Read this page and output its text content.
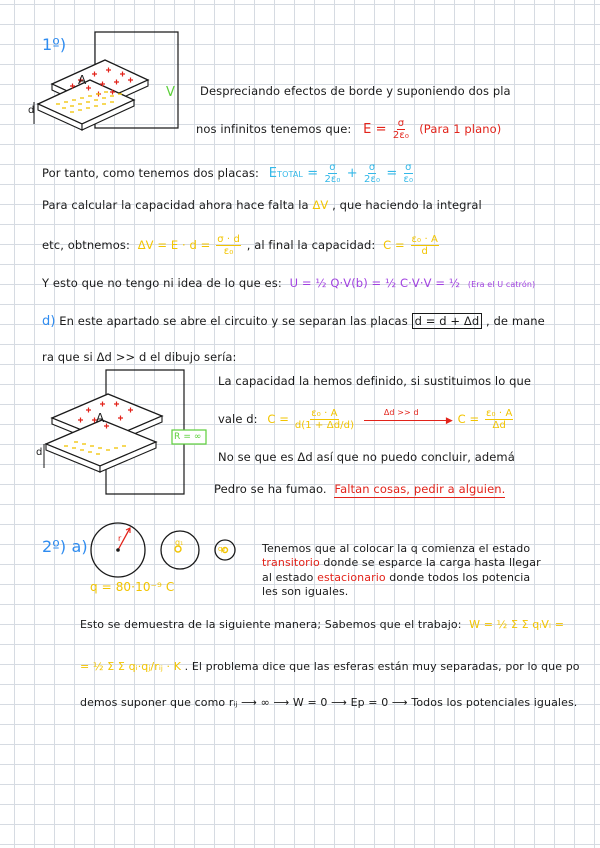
1º)
A
d
V Despreciando efectos de borde y suponiendo dos pla
nos infinitos tenemos que: $E = \frac{\sigma}{\text{2ε₀}}$ (Para 1 plano)
Por tanto, como tenemos dos placas: ETOTAL = $\frac{\sigma}{\text{2ε₀}} + \frac{\sigma}{\text{2ε₀}} = \frac{\sigma}{\text{ε₀}}$
Para calcular la capacidad ahora hace falta la ΔV , que haciendo la integral
etc, obtnemos: $\Delta V = E \cdot d = \frac{\sigma \cdot d}{\text{ε₀}}$ , al final la capacidad: $C = \frac{\text{ε₀ · A}}{d}$
Y esto que no tengo ni idea de lo que es: U = ½ Q·V(b) = ½ C·V·V = ½ (Era el U catrón)
d) En este apartado se abre el circuito y se separan las placas d = d + Δd , de mane
ra que si Δd >> d el dibujo sería:
A
d
R = ∞
La capacidad la hemos definido, si sustituimos lo que
vale d: $C = \frac{\text{ε₀ · A}}{d(1 + \Delta d/d)}$
	Δd >> d
▶ $C = \frac{\text{ε₀ · A}}{\Delta d}$
No se que es Δd así que no puedo concluir, ademá
Pedro se ha fumao. Faltan cosas, pedir a alguien.
2º) a)	r	q₁
q₂
q = 80·10⁻⁹ C
Tenemos que al colocar la q comienza el estado
transitorio donde se esparce la carga hasta llegar
al estado estacionario donde todos los potencia
les son iguales.
Esto se demuestra de la siguiente manera; Sabemos que el trabajo: W = ½ Σ Σ qᵢVᵢ =
= ½ Σ Σ qᵢ·qⱼ/rᵢⱼ · K . El problema dice que las esferas están muy separadas, por lo que po
demos suponer que como rᵢⱼ ⟶ ∞ ⟶ W = 0 ⟶ Ep = 0 ⟶ Todos los potenciales iguales.
